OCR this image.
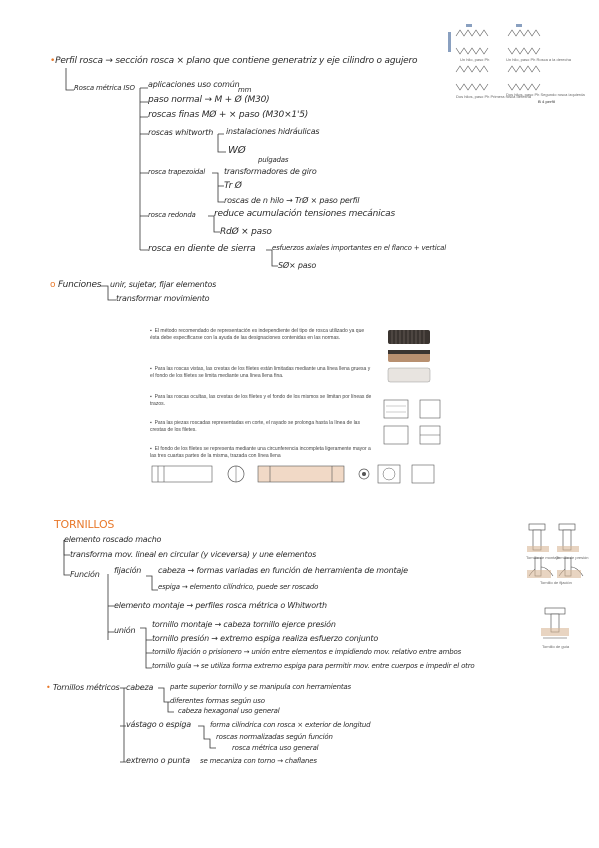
•Perfil rosca → sección rosca × plano que contiene generatriz y eje cilindro o agujero
Rosca métrica ISO aplicaciones uso común
mm
paso normal → M + Ø (M30)
roscas finas MØ + × paso (M30×1'5)
roscas whitworth instalaciones hidráulicas
WØ
pulgadas
rosca trapezoidal transformadores de giro
Tr Ø
roscas de n hilo → TrØ × paso perfil
rosca redonda reduce acumulación tensiones mecánicas
RdØ × paso
rosca en diente de sierra esfuerzos axiales importantes en el flanco + vertical
SØ× paso
Un hilo, paso Ph	Un hilo, paso Ph Rosca a la derecha
Dos hilos, paso Ph Primera rosca derecha
Dos hilos, paso Ph Segundo rosca izquierda
B 4 perfil
o Funciones unir, sujetar, fijar elementos
transformar movimiento
▪  El método recomendado de representación es independiente del tipo de rosca utilizado ya que ésta debe especificarse con la ayuda de las designaciones contenidas en las normas.
▪  Para las roscas vistas, las crestas de los filetes están limitadas mediante una línea llena gruesa y el fondo de los filetes se limita mediante una línea llena fina.
▪  Para las roscas ocultas, las crestas de los filetes y el fondo de los mismos se limitan por líneas de trazos.
▪  Para las piezas roscadas representadas en corte, el rayado se prolonga hasta la línea de las crestas de los filetes.
▪  El fondo de los filetes se representa mediante una circunferencia incompleta ligeramente mayor a las tres cuartas partes de la misma, trazada con línea llena
TORNILLOS
elemento roscado macho
transforma mov. lineal en circular (y viceversa) y une elementos
Función fijación cabeza → formas variadas en función de herramienta de montaje
espiga → elemento cilíndrico, puede ser roscado
elemento montaje → perfiles rosca métrica o Whitworth
unión
tornillo montaje → cabeza tornillo ejerce presión
tornillo presión → extremo espiga realiza esfuerzo conjunto
tornillo fijación o prisionero → unión entre elementos e impidiendo mov. relativo entre ambos
tornillo guía → se utiliza forma extremo espiga para permitir mov. entre cuerpos e impedir el otro
Tornillo de montaje
Tornillo de presión
Tornillo de fijación
Tornillo de guía
• Tornillos métricos cabeza parte superior tornillo y se manipula con herramientas
diferentes formas según uso
cabeza hexagonal uso general
vástago o espiga	forma cilíndrica con rosca × exterior de longitud
roscas normalizadas según función
rosca métrica uso general
extremo o punta se mecaniza con torno → chaflanes
